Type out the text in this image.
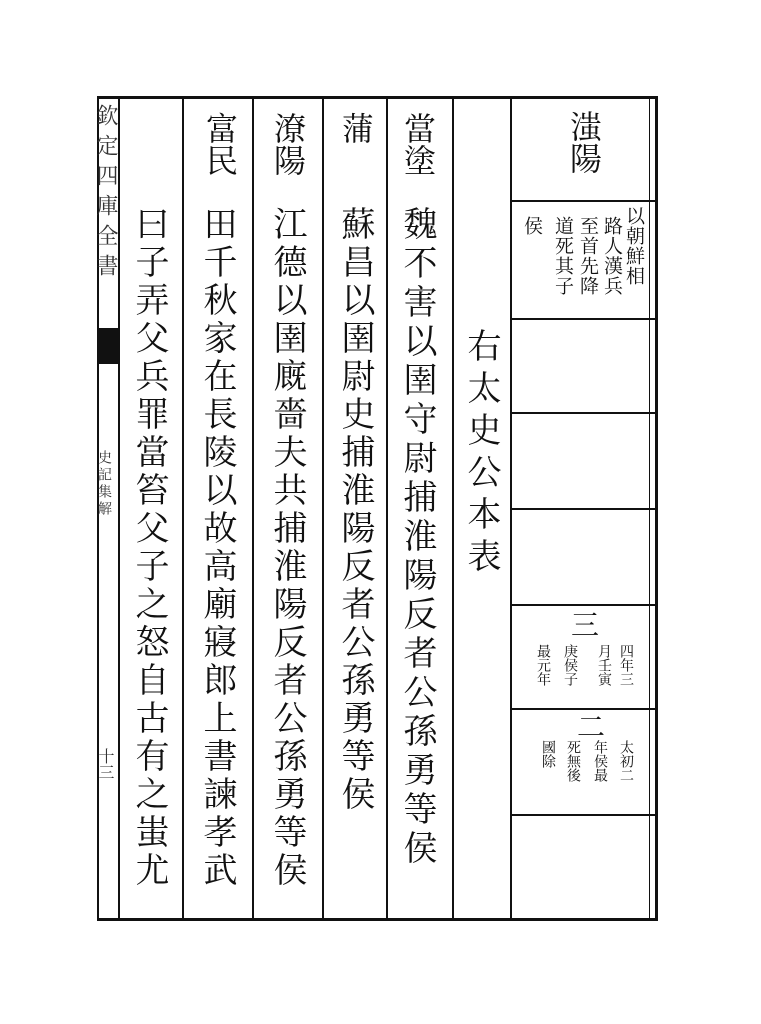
欽定四庫全書
史記集解
十三
滍陽
以朝鮮相
路人漢兵
至首先降
道死其子
侯
三
四年三
月壬寅
庚侯子
最元年
二
太初二
年侯最
死無後
國除
右太史公本表
當塗
魏不害以圉守尉捕淮陽反者公孫勇等侯
蒲
蘇昌以圉尉史捕淮陽反者公孫勇等侯
潦陽
江德以圉廐嗇夫共捕淮陽反者公孫勇等侯
富民
田千秋家在長陵以故高廟寢郎上書諫孝武
曰子弄父兵罪當笞父子之怒自古有之蚩尤
